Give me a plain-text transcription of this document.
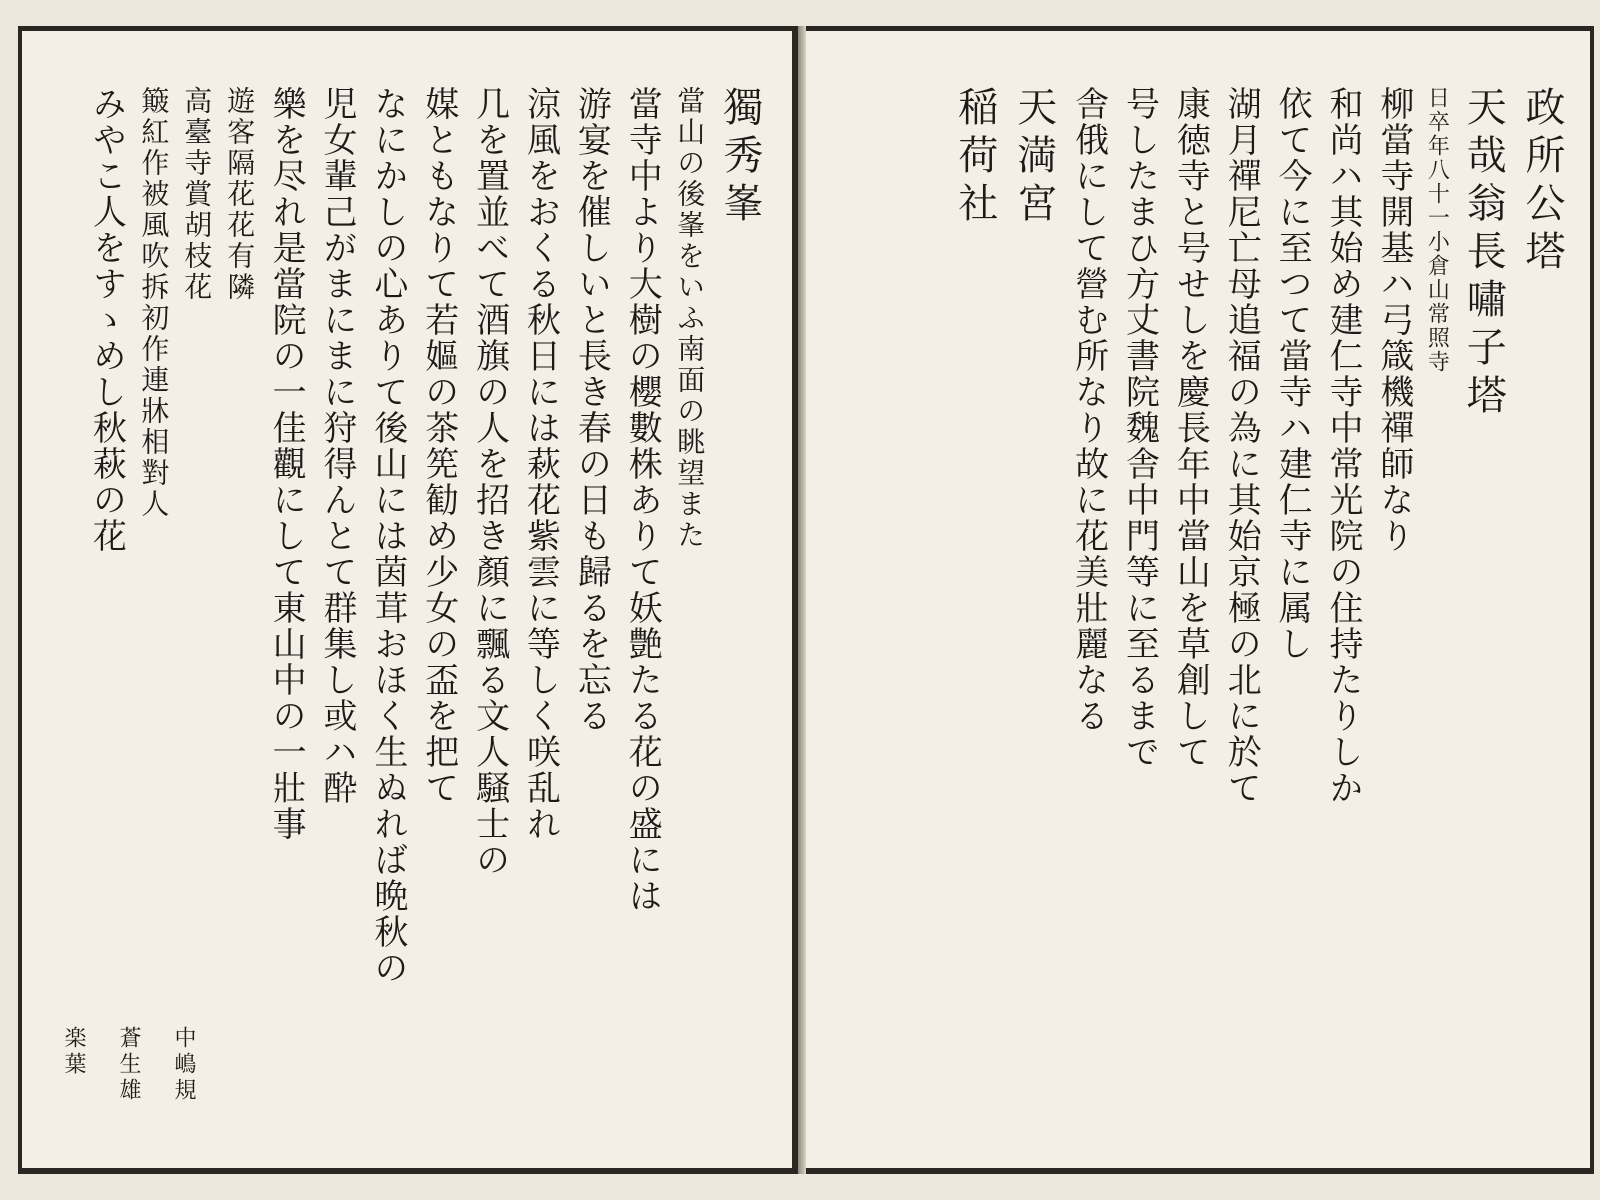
獨秀峯
當山の後峯をいふ南面の眺望また
當寺中より大樹の櫻數株ありて妖艶たる花の盛には
游宴を催しいと長き春の日も歸るを忘る
涼風をおくる秋日には萩花紫雲に等しく咲乱れ
几を置並べて酒旗の人を招き顏に飄る文人騒士の
媒ともなりて若嫗の茶筅勧め少女の盃を把て
なにかしの心ありて後山には茵茸おほく生ぬれば晩秋の
児女輩己がまにまに狩得んとて群集し或ハ酔
樂を尽れ是當院の一佳觀にして東山中の一壯事
遊客隔花花有隣
高臺寺賞胡枝花
簸紅作被風吹拆初作連牀相對人
みやこ人をすゝめし秋萩の花
中嶋規
蒼生雄
楽葉
政所公塔
天哉翁長嘯子塔
日卒年八十一小倉山常照寺
柳當寺開基ハ弓箴機禪師なり
和尚ハ其始め建仁寺中常光院の住持たりしか
依て今に至つて當寺ハ建仁寺に属し
湖月禪尼亡母追福の為に其始京極の北に於て
康徳寺と号せしを慶長年中當山を草創して
号したまひ方丈書院魏舎中門等に至るまで
舎俄にして營む所なり故に花美壯麗なる
天満宮
稲荷社
